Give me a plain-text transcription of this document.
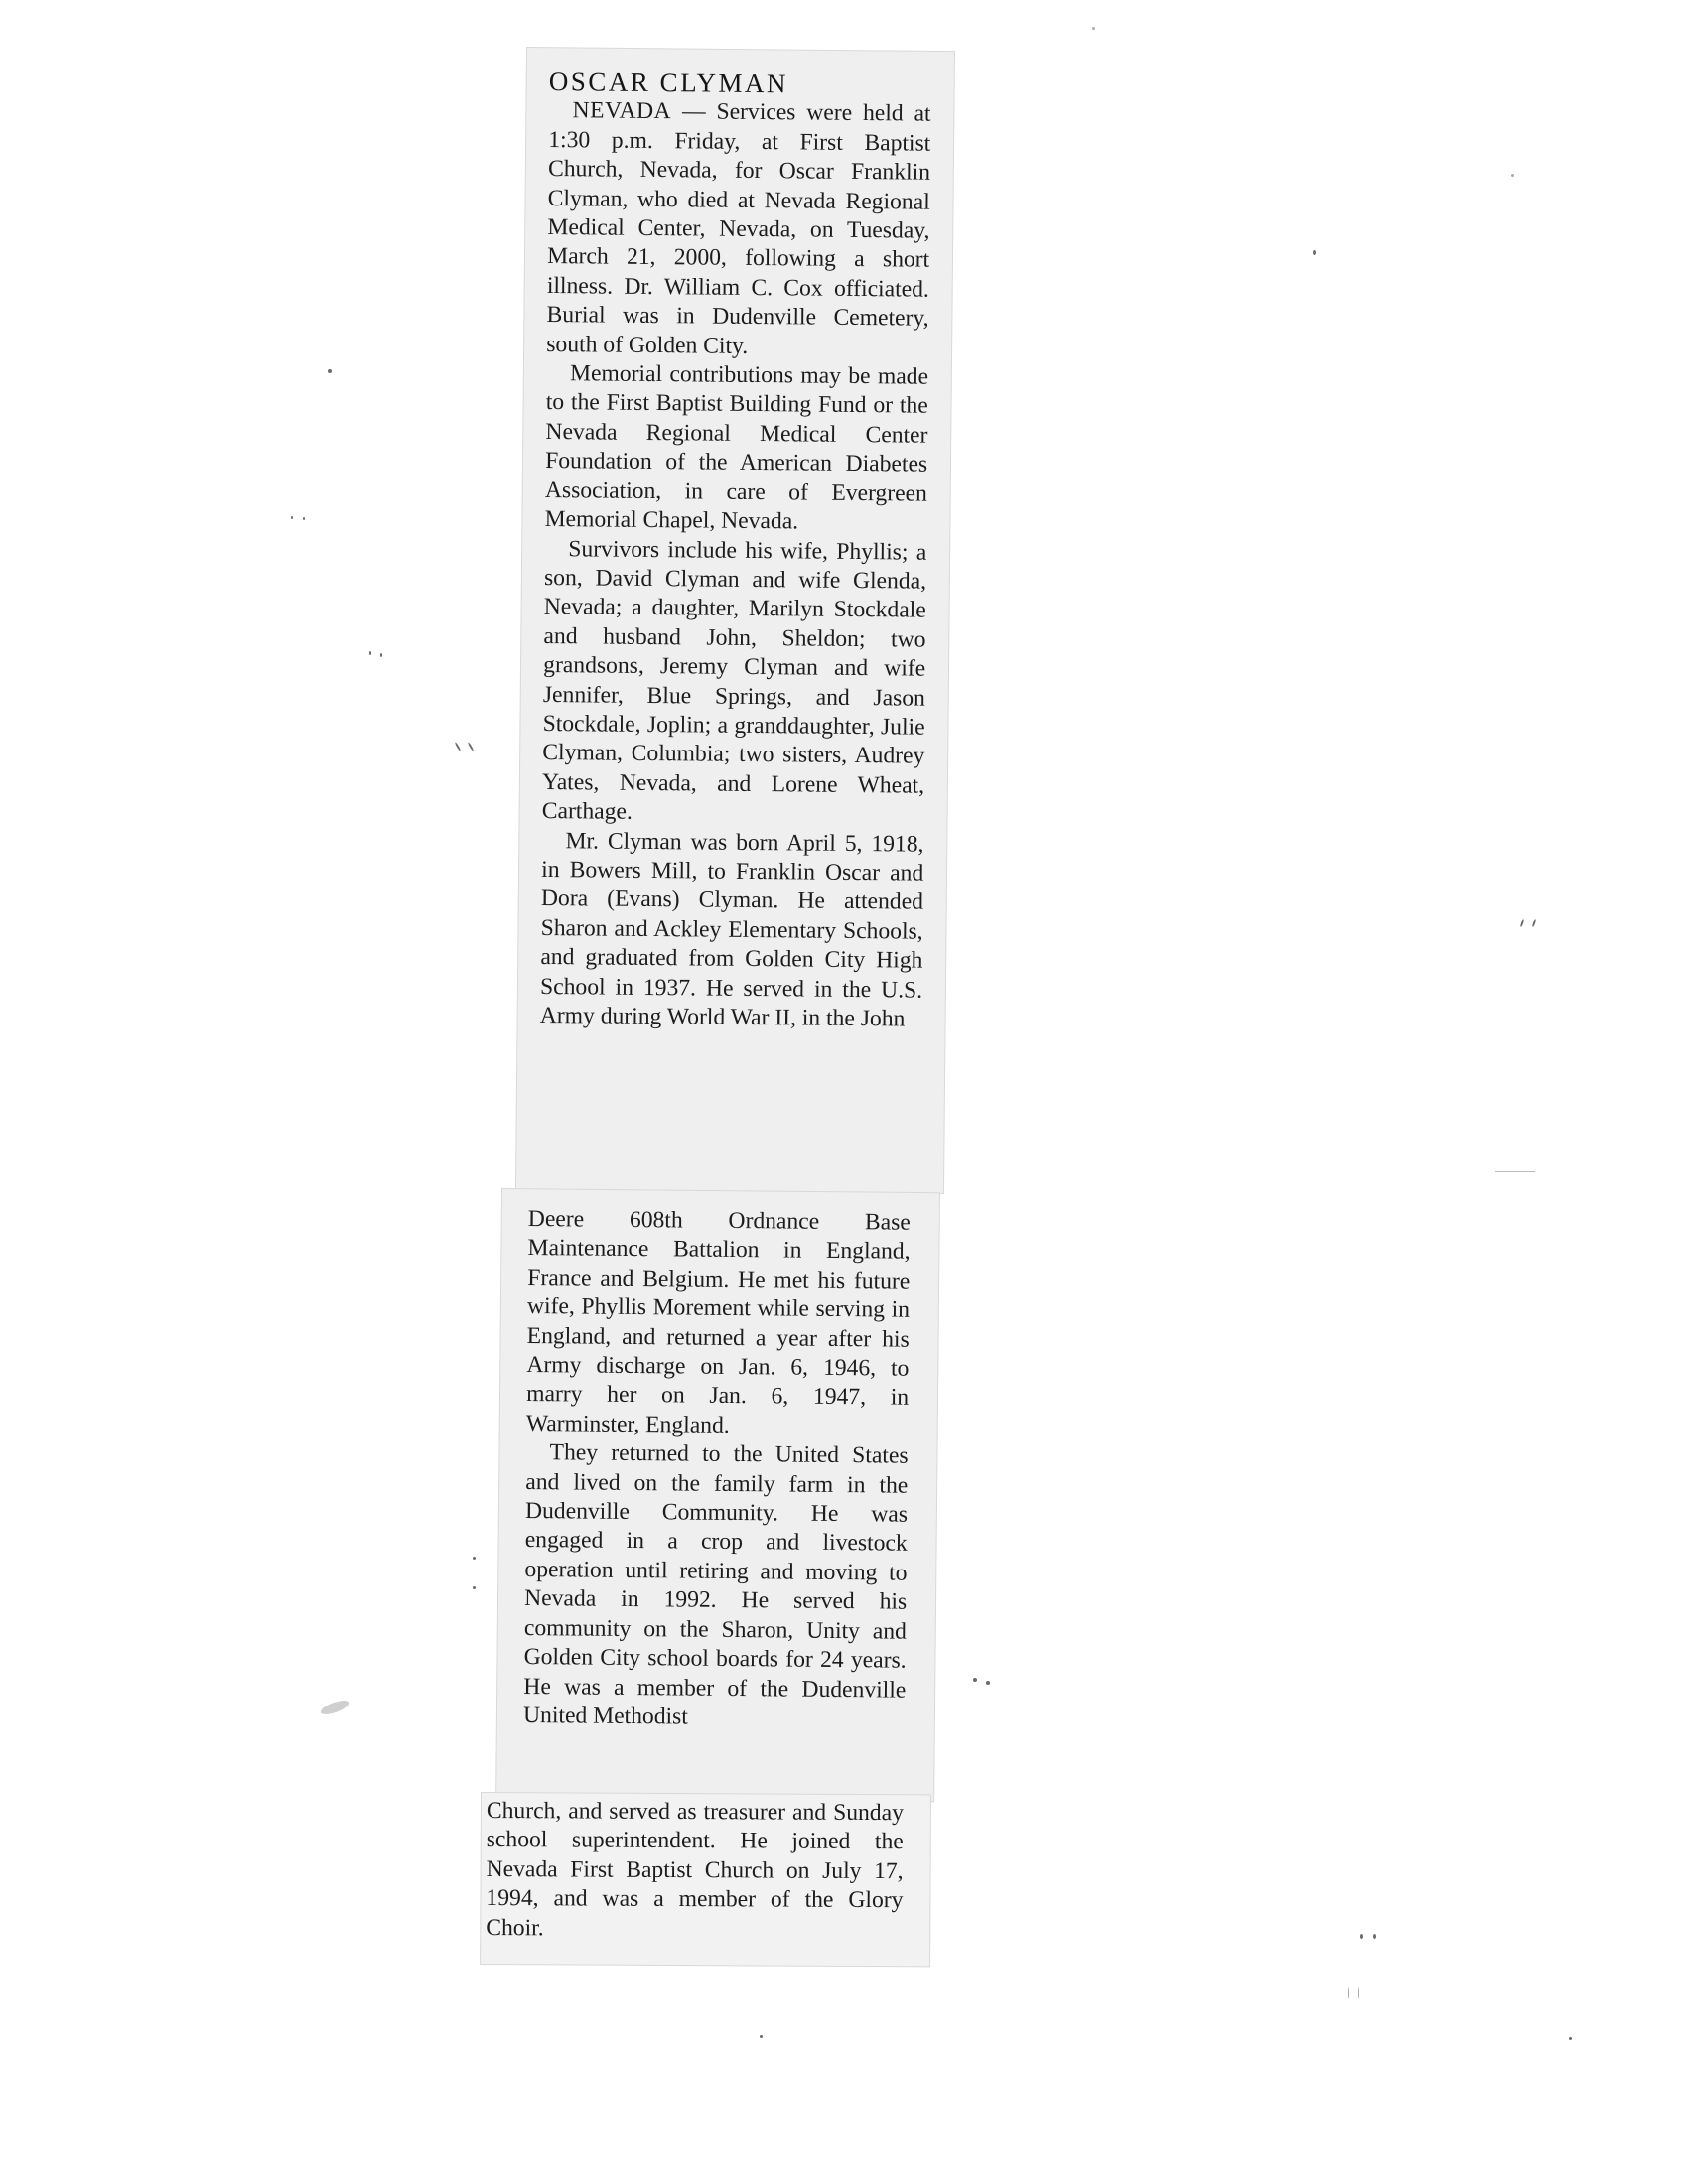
OSCAR CLYMAN

NEVADA — Services were held at 1:30 p.m. Friday, at First Baptist Church, Nevada, for Oscar Franklin Clyman, who died at Nevada Regional Medical Center, Nevada, on Tuesday, March 21, 2000, following a short illness. Dr. William C. Cox officiated. Burial was in Dudenville Cemetery, south of Golden City.

Memorial contributions may be made to the First Baptist Building Fund or the Nevada Regional Medical Center Foundation of the American Diabetes Association, in care of Evergreen Memorial Chapel, Nevada.

Survivors include his wife, Phyllis; a son, David Clyman and wife Glenda, Nevada; a daughter, Marilyn Stockdale and husband John, Sheldon; two grandsons, Jeremy Clyman and wife Jennifer, Blue Springs, and Jason Stockdale, Joplin; a granddaughter, Julie Clyman, Columbia; two sisters, Audrey Yates, Nevada, and Lorene Wheat, Carthage.

Mr. Clyman was born April 5, 1918, in Bowers Mill, to Franklin Oscar and Dora (Evans) Clyman. He attended Sharon and Ackley Elementary Schools, and graduated from Golden City High School in 1937. He served in the U.S. Army during World War II, in the John

Deere 608th Ordnance Base Maintenance Battalion in England, France and Belgium. He met his future wife, Phyllis Morement while serving in England, and returned a year after his Army discharge on Jan. 6, 1946, to marry her on Jan. 6, 1947, in Warminster, England.

They returned to the United States and lived on the family farm in the Dudenville Community. He was engaged in a crop and livestock operation until retiring and moving to Nevada in 1992. He served his community on the Sharon, Unity and Golden City school boards for 24 years. He was a member of the Dudenville United Methodist

Church, and served as treasurer and Sunday school superintendent. He joined the Nevada First Baptist Church on July 17, 1994, and was a member of the Glory Choir.
